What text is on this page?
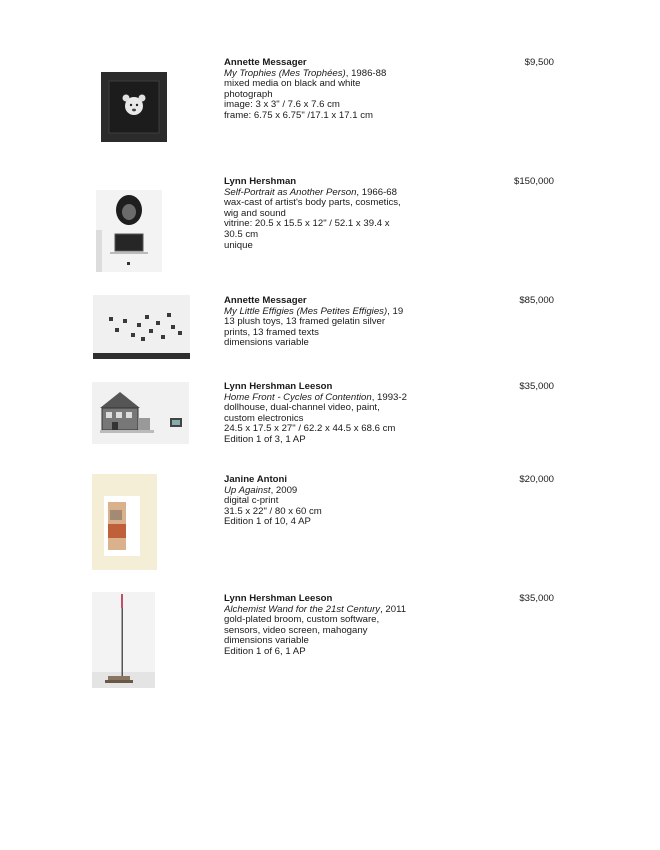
Annette Messager
My Trophies (Mes Trophées), 1986-88
mixed media on black and white
photograph
image: 3 x 3" / 7.6 x 7.6 cm
frame: 6.75 x 6.75" /17.1 x 17.1 cm
$9,500
Lynn Hershman
Self-Portrait as Another Person, 1966-68
wax-cast of artist's body parts, cosmetics,
wig and sound
vitrine: 20.5 x 15.5 x 12" / 52.1 x 39.4 x
30.5 cm
unique
$150,000
Annette Messager
My Little Effigies (Mes Petites Effigies), 19
13 plush toys, 13 framed gelatin silver
prints, 13 framed texts
dimensions variable
$85,000
Lynn Hershman Leeson
Home Front - Cycles of Contention, 1993-2
dollhouse, dual-channel video, paint,
custom electronics
24.5 x 17.5 x 27" / 62.2 x 44.5 x 68.6 cm
Edition 1 of 3, 1 AP
$35,000
Janine Antoni
Up Against, 2009
digital c-print
31.5 x 22" / 80 x 60 cm
Edition 1 of 10, 4 AP
$20,000
Lynn Hershman Leeson
Alchemist Wand for the 21st Century, 2011
gold-plated broom, custom software,
sensors, video screen, mahogany
dimensions variable
Edition 1 of 6, 1 AP
$35,000
